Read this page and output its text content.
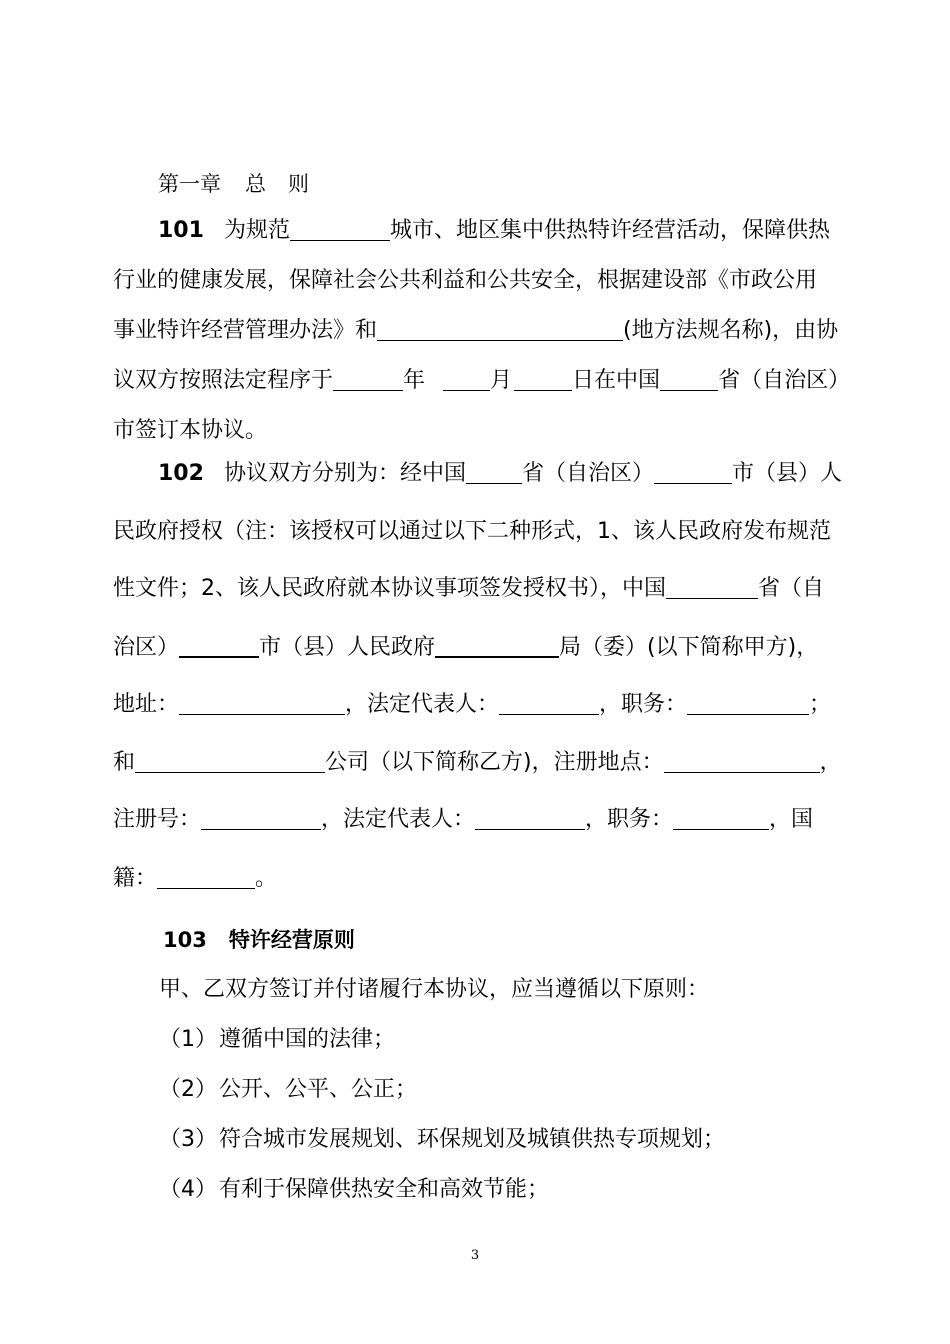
第一章 总 则
101 为规范	城市、地区集中供热特许经营活动，保障供热
行业的健康发展，保障社会公共利益和公共安全，根据建设部《市政公用
事业特许经营管理办法》和	(地方法规名称)，由协
议双方按照法定程序于	年	月	日在中国	省（自治区）
市签订本协议。
102 协议双方分别为：经中国	省（自治区）	市（县）人
民政府授权（注：该授权可以通过以下二种形式，1、该人民政府发布规范
性文件；2、该人民政府就本协议事项签发授权书），中国	省（自
治区）	市（县）人民政府	局（委）(以下简称甲方)，
地址：	，法定代表人：	，职务：	；
和	公司（以下简称乙方)，注册地点：	，
注册号：	，法定代表人：	，职务：	，国
籍：	。
103 特许经营原则
甲、乙双方签订并付诸履行本协议，应当遵循以下原则：
（1）遵循中国的法律；
（2）公开、公平、公正；
（3）符合城市发展规划、环保规划及城镇供热专项规划；
（4）有利于保障供热安全和高效节能；
3
